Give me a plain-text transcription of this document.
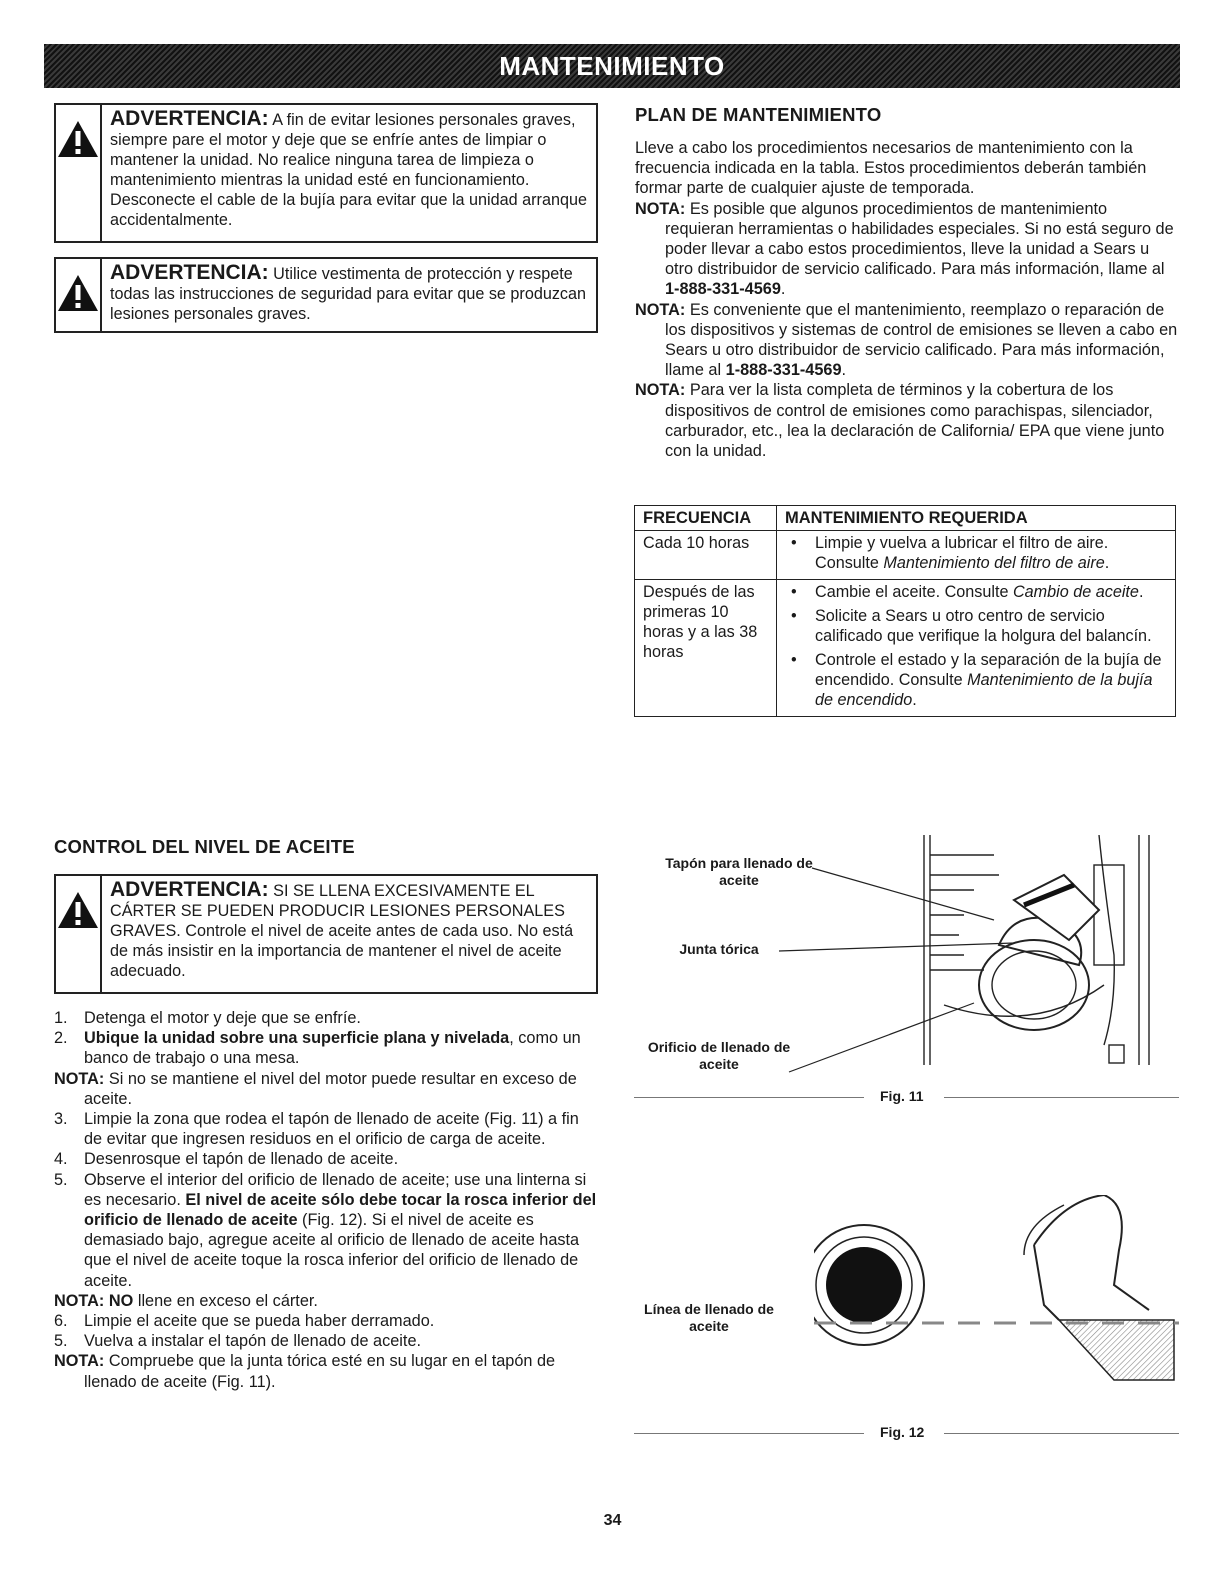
MANTENIMIENTO
ADVERTENCIA: A fin de evitar lesiones personales graves, siempre pare el motor y deje que se enfríe antes de limpiar o mantener la unidad. No realice ninguna tarea de limpieza o mantenimiento mientras la unidad esté en funcionamiento. Desconecte el cable de la bujía para evitar que la unidad arranque accidentalmente.
ADVERTENCIA: Utilice vestimenta de protección y respete todas las instrucciones de seguridad para evitar que se produzcan lesiones personales graves.
PLAN DE MANTENIMIENTO
Lleve a cabo los procedimientos necesarios de mantenimiento con la frecuencia indicada en la tabla. Estos procedimientos deberán también formar parte de cualquier ajuste de temporada.
NOTA: Es posible que algunos procedimientos de mantenimiento requieran herramientas o habilidades especiales. Si no está seguro de poder llevar a cabo estos procedimientos, lleve la unidad a Sears u otro distribuidor de servicio calificado. Para más información, llame al 1-888-331-4569.
NOTA: Es conveniente que el mantenimiento, reemplazo o reparación de los dispositivos y sistemas de control de emisiones se lleven a cabo en Sears u otro distribuidor de servicio calificado. Para más información, llame al 1-888-331-4569.
NOTA: Para ver la lista completa de términos y la cobertura de los dispositivos de control de emisiones como parachispas, silenciador, carburador, etc., lea la declaración de California/ EPA que viene junto con la unidad.
FRECUENCIA	MANTENIMIENTO REQUERIDA
Cada 10 horas	• Limpie y vuelva a lubricar el filtro de aire. Consulte Mantenimiento del filtro de aire.

Después de las primeras 10 horas y a las 38 horas	• Cambie el aceite. Consulte Cambio de aceite.
• Solicite a Sears u otro centro de servicio calificado que verifique la holgura del balancín.
• Controle el estado y la separación de la bujía de encendido. Consulte Mantenimiento de la bujía de encendido.
CONTROL DEL NIVEL DE ACEITE
ADVERTENCIA: SI SE LLENA EXCESIVAMENTE EL CÁRTER SE PUEDEN PRODUCIR LESIONES PERSONALES GRAVES. Controle el nivel de aceite antes de cada uso. No está de más insistir en la importancia de mantener el nivel de aceite adecuado.
1. Detenga el motor y deje que se enfríe.
2. Ubique la unidad sobre una superficie plana y nivelada, como un banco de trabajo o una mesa.
NOTA: Si no se mantiene el nivel del motor puede resultar en exceso de aceite.
3. Limpie la zona que rodea el tapón de llenado de aceite (Fig. 11) a fin de evitar que ingresen residuos en el orificio de carga de aceite.
4. Desenrosque el tapón de llenado de aceite.
5. Observe el interior del orificio de llenado de aceite; use una linterna si es necesario. El nivel de aceite sólo debe tocar la rosca inferior del orificio de llenado de aceite (Fig. 12). Si el nivel de aceite es demasiado bajo, agregue aceite al orificio de llenado de aceite hasta que el nivel de aceite toque la rosca inferior del orificio de llenado de aceite.
NOTA: NO llene en exceso el cárter.
6. Limpie el aceite que se pueda haber derramado.
5. Vuelva a instalar el tapón de llenado de aceite.
NOTA: Compruebe que la junta tórica esté en su lugar en el tapón de llenado de aceite (Fig. 11).
Tapón para llenado de aceite
Junta tórica
Orificio de llenado de aceite
Fig. 11
Línea de llenado de aceite
Fig. 12
34
